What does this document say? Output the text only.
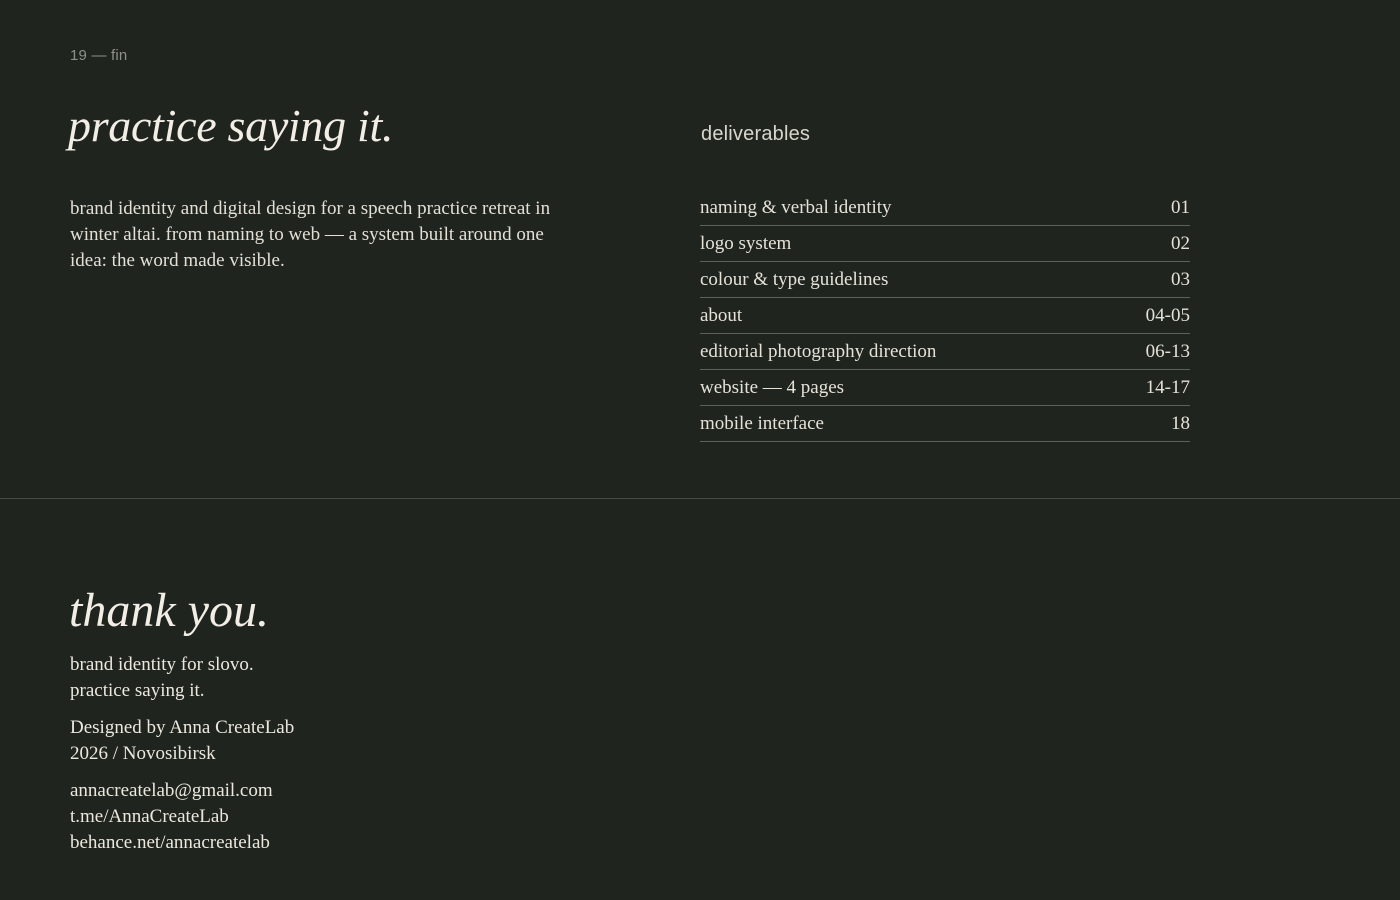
19 — fin
practice saying it.

brand identity and digital design for a speech practice retreat in winter altai. from naming to web — a system built around one idea: the word made visible.

deliverables
naming & verbal identity	01
logo system	02
colour & type guidelines	03
about	04-05
editorial photography direction	06-13
website — 4 pages	14-17
mobile interface	18
thank you.
brand identity for slovo.
practice saying it.
Designed by Anna CreateLab
2026 / Novosibirsk
annacreatelab@gmail.com
t.me/AnnaCreateLab
behance.net/annacreatelab
